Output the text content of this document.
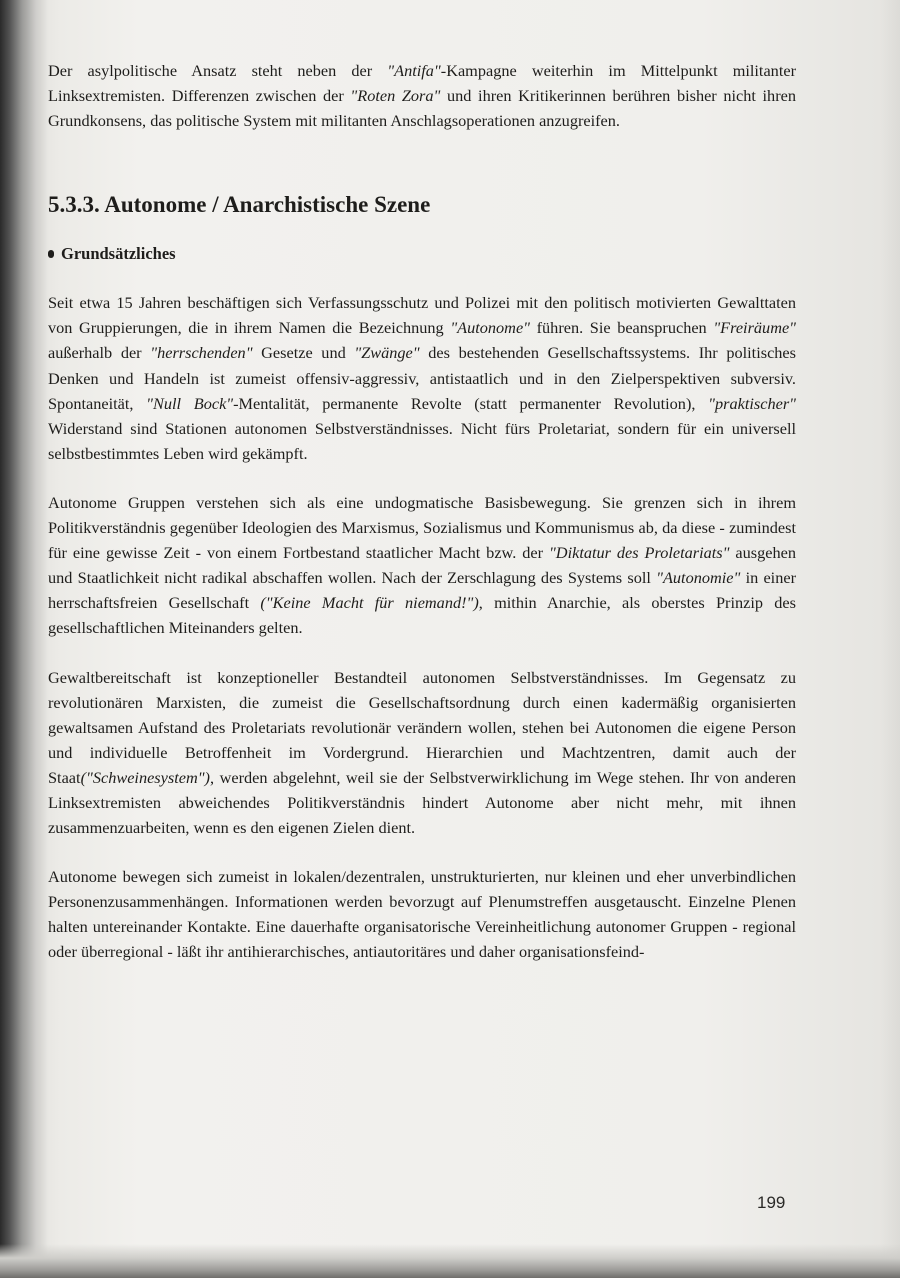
Der asylpolitische Ansatz steht neben der "Antifa"-Kampagne weiterhin im Mittelpunkt militanter Linksextremisten. Differenzen zwischen der "Roten Zora" und ihren Kritikerinnen berühren bisher nicht ihren Grundkonsens, das politische System mit militanten Anschlagsoperationen anzugreifen.

5.3.3. Autonome / Anarchistische Szene
Grundsätzliches

Seit etwa 15 Jahren beschäftigen sich Verfassungsschutz und Polizei mit den politisch motivierten Gewalttaten von Gruppierungen, die in ihrem Namen die Bezeichnung "Autonome" führen. Sie beanspruchen "Freiräume" außerhalb der "herrschenden" Gesetze und "Zwänge" des bestehenden Gesellschaftssystems. Ihr politisches Denken und Handeln ist zumeist offensiv-aggressiv, antistaatlich und in den Zielperspektiven subversiv. Spontaneität, "Null Bock"-Mentalität, permanente Revolte (statt permanenter Revolution), "praktischer" Widerstand sind Stationen autonomen Selbstverständnisses. Nicht fürs Proletariat, sondern für ein universell selbstbestimmtes Leben wird gekämpft.

Autonome Gruppen verstehen sich als eine undogmatische Basisbewegung. Sie grenzen sich in ihrem Politikverständnis gegenüber Ideologien des Marxismus, Sozialismus und Kommunismus ab, da diese - zumindest für eine gewisse Zeit - von einem Fortbestand staatlicher Macht bzw. der "Diktatur des Proletariats" ausgehen und Staatlichkeit nicht radikal abschaffen wollen. Nach der Zerschlagung des Systems soll "Autonomie" in einer herrschaftsfreien Gesellschaft ("Keine Macht für niemand!"), mithin Anarchie, als oberstes Prinzip des gesellschaftlichen Miteinanders gelten.

Gewaltbereitschaft ist konzeptioneller Bestandteil autonomen Selbstverständnisses. Im Gegensatz zu revolutionären Marxisten, die zumeist die Gesellschaftsordnung durch einen kadermäßig organisierten gewaltsamen Aufstand des Proletariats revolutionär verändern wollen, stehen bei Autonomen die eigene Person und individuelle Betroffenheit im Vordergrund. Hierarchien und Machtzentren, damit auch der Staat("Schweinesystem"), werden abgelehnt, weil sie der Selbstverwirklichung im Wege stehen. Ihr von anderen Linksextremisten abweichendes Politikverständnis hindert Autonome aber nicht mehr, mit ihnen zusammenzuarbeiten, wenn es den eigenen Zielen dient.

Autonome bewegen sich zumeist in lokalen/dezentralen, unstrukturierten, nur kleinen und eher unverbindlichen Personenzusammenhängen. Informationen werden bevorzugt auf Plenumstreffen ausgetauscht. Einzelne Plenen halten untereinander Kontakte. Eine dauerhafte organisatorische Vereinheitlichung autonomer Gruppen - regional oder überregional - läßt ihr antihierarchisches, antiautoritäres und daher organisationsfeind-

199
